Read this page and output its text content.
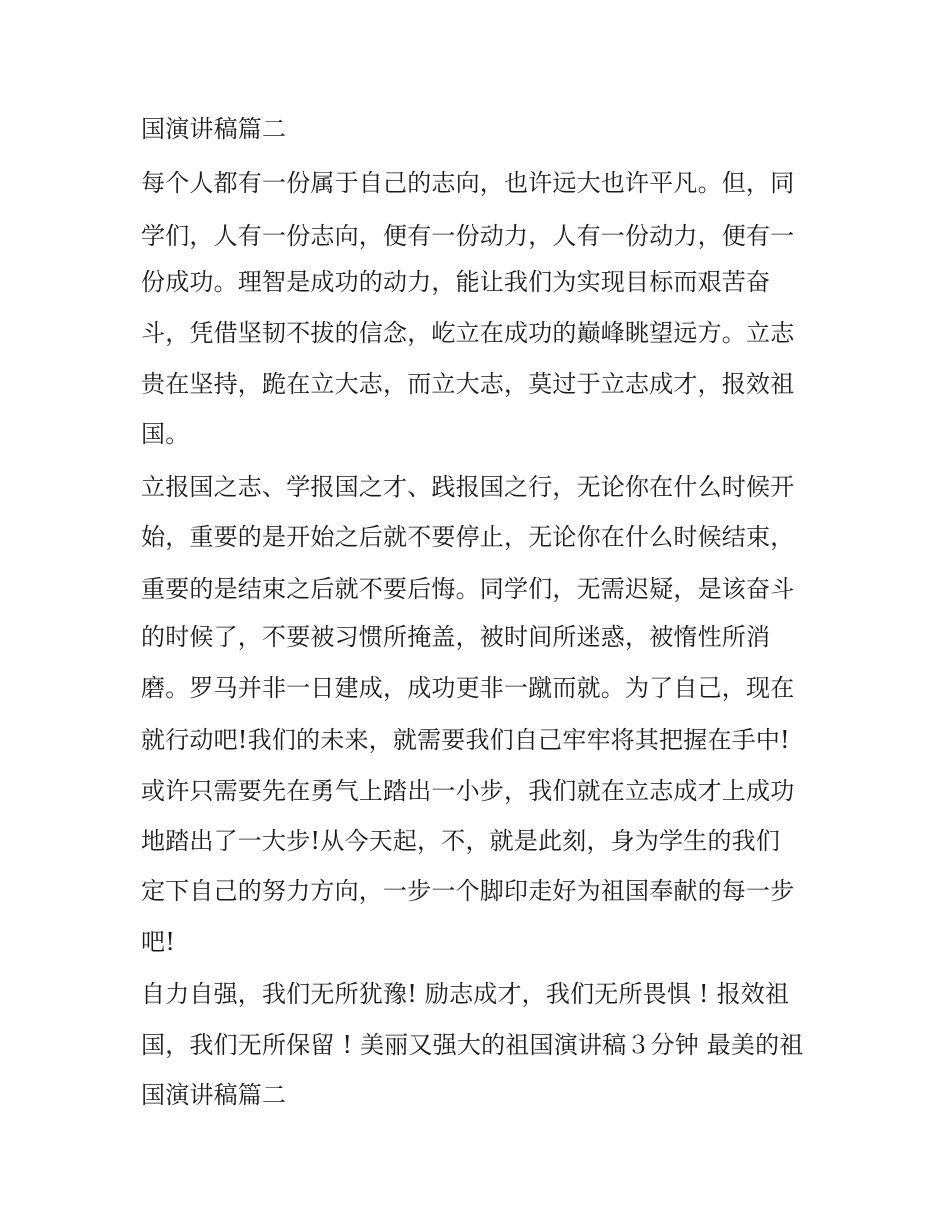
国演讲稿篇二
每个人都有一份属于自己的志向，也许远大也许平凡。但，同
学们，人有一份志向，便有一份动力，人有一份动力，便有一
份成功。理智是成功的动力，能让我们为实现目标而艰苦奋
斗，凭借坚韧不拔的信念，屹立在成功的巅峰眺望远方。立志
贵在坚持，跪在立大志，而立大志，莫过于立志成才，报效祖
国。
立报国之志、学报国之才、践报国之行，无论你在什么时候开
始，重要的是开始之后就不要停止，无论你在什么时候结束，
重要的是结束之后就不要后悔。同学们，无需迟疑，是该奋斗
的时候了，不要被习惯所掩盖，被时间所迷惑，被惰性所消
磨。罗马并非一日建成，成功更非一蹴而就。为了自己，现在
就行动吧!我们的未来，就需要我们自己牢牢将其把握在手中!
或许只需要先在勇气上踏出一小步，我们就在立志成才上成功
地踏出了一大步!从今天起，不，就是此刻，身为学生的我们
定下自己的努力方向，一步一个脚印走好为祖国奉献的每一步
吧!
自力自强，我们无所犹豫! 励志成才，我们无所畏惧 ! 报效祖
国，我们无所保留 ! 美丽又强大的祖国演讲稿３分钟 最美的祖
国演讲稿篇二
